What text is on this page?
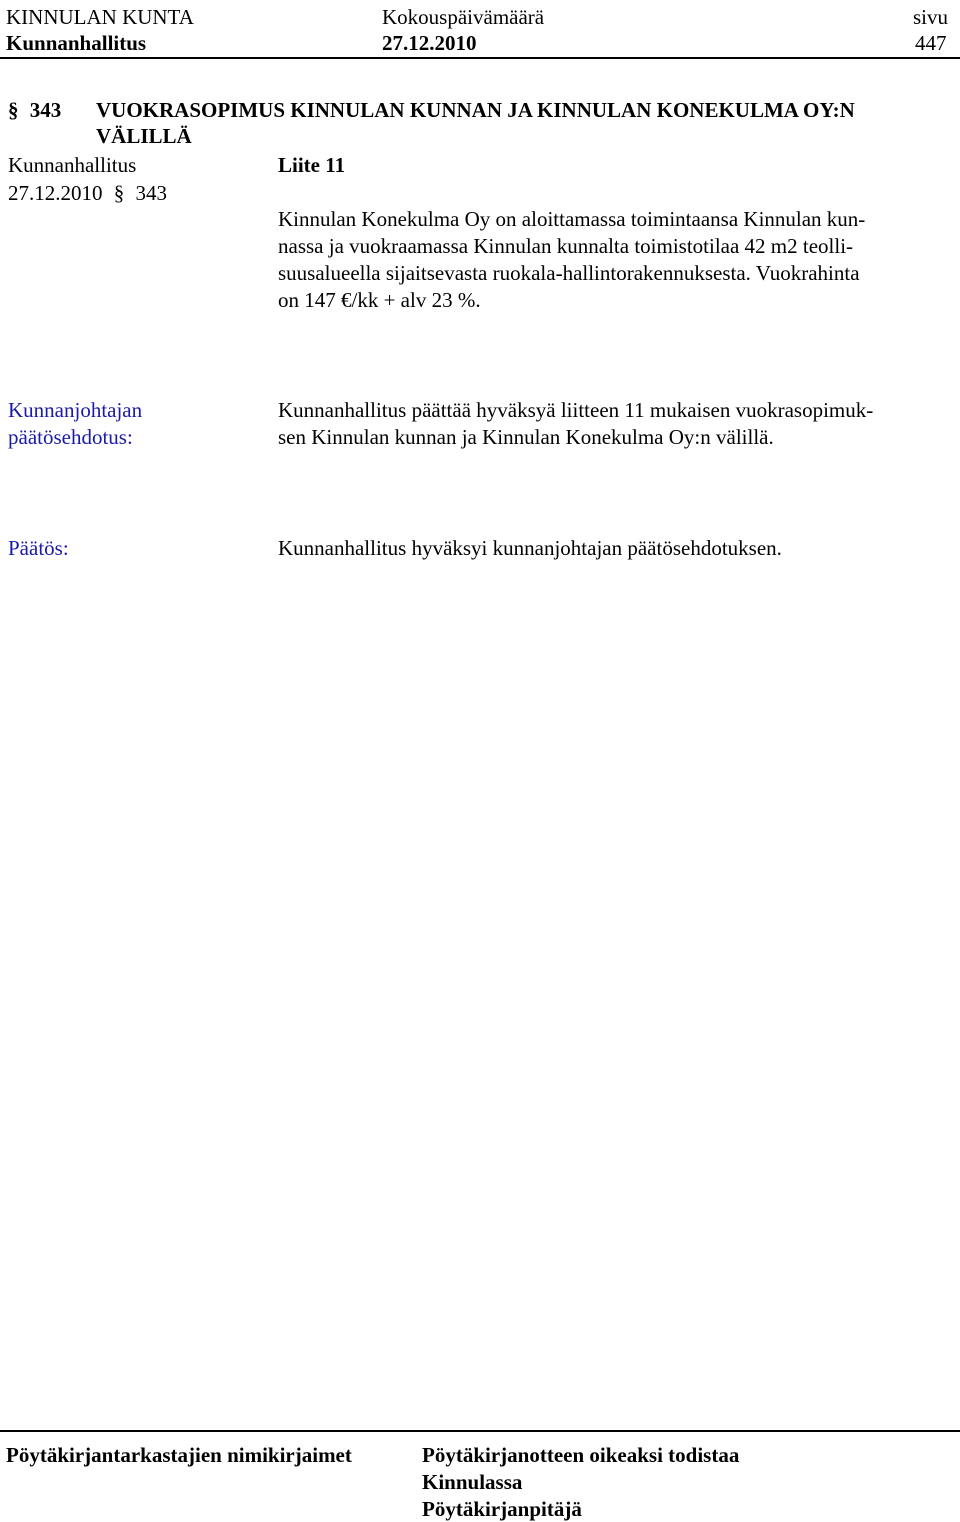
KINNULAN KUNTA	Kokouspäivämäärä	sivu
Kunnanhallitus	27.12.2010	447
§ 343 VUOKRASOPIMUS KINNULAN KUNNAN JA KINNULAN KONEKULMA OY:N
VÄLILLÄ
Kunnanhallitus	Liite 11
27.12.2010 § 343
Kinnulan Konekulma Oy on aloittamassa toimintaansa Kinnulan kun-
nassa ja vuokraamassa Kinnulan kunnalta toimistotilaa 42 m2 teolli-
suusalueella sijaitsevasta ruokala-hallintorakennuksesta. Vuokrahinta
on 147 €/kk + alv 23 %.
Kunnanjohtajan
päätösehdotus:
Kunnanhallitus päättää hyväksyä liitteen 11 mukaisen vuokrasopimuk-
sen Kinnulan kunnan ja Kinnulan Konekulma Oy:n välillä.
Päätös:	Kunnanhallitus hyväksyi kunnanjohtajan päätösehdotuksen.
Pöytäkirjantarkastajien nimikirjaimet	Pöytäkirjanotteen oikeaksi todistaa
Kinnulassa
Pöytäkirjanpitäjä
